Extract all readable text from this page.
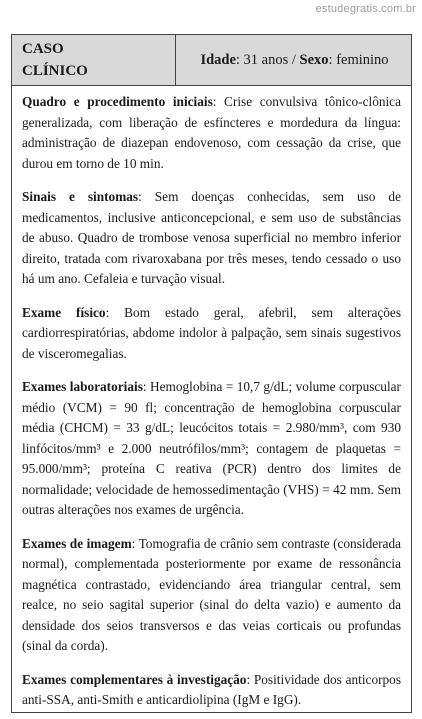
estudegratis.com.br
CASO
CLÍNICO
Idade : 31 anos / Sexo : feminino

Quadro e procedimento iniciais: Crise convulsiva tônico-clônica generalizada, com liberação de esfíncteres e mordedura da língua: administração de diazepan endovenoso, com cessação da crise, que durou em torno de 10 min.

Sinais e sintomas: Sem doenças conhecidas, sem uso de medicamentos, inclusive anticoncepcional, e sem uso de substâncias de abuso. Quadro de trombose venosa superficial no membro inferior direito, tratada com rivaroxabana por três meses, tendo cessado o uso há um ano. Cefaleia e turvação visual.

Exame físico: Bom estado geral, afebril, sem alterações cardiorrespiratórias, abdome indolor à palpação, sem sinais sugestivos de visceromegalias.

Exames laboratoriais: Hemoglobina = 10,7 g/dL; volume corpuscular médio (VCM) = 90 fl; concentração de hemoglobina corpuscular média (CHCM) = 33 g/dL; leucócitos totais = 2.980/mm³, com 930 linfócitos/mm³ e 2.000 neutrófilos/mm³; contagem de plaquetas = 95.000/mm³; proteína C reativa (PCR) dentro dos limites de normalidade; velocidade de hemossedimentação (VHS) = 42 mm. Sem outras alterações nos exames de urgência.

Exames de imagem: Tomografia de crânio sem contraste (considerada normal), complementada posteriormente por exame de ressonância magnética contrastado, evidenciando área triangular central, sem realce, no seio sagital superior (sinal do delta vazio) e aumento da densidade dos seios transversos e das veias corticais ou profundas (sinal da corda).

Exames complementares à investigação: Positividade dos anticorpos anti-SSA, anti-Smith e anticardiolipina (IgM e IgG).
